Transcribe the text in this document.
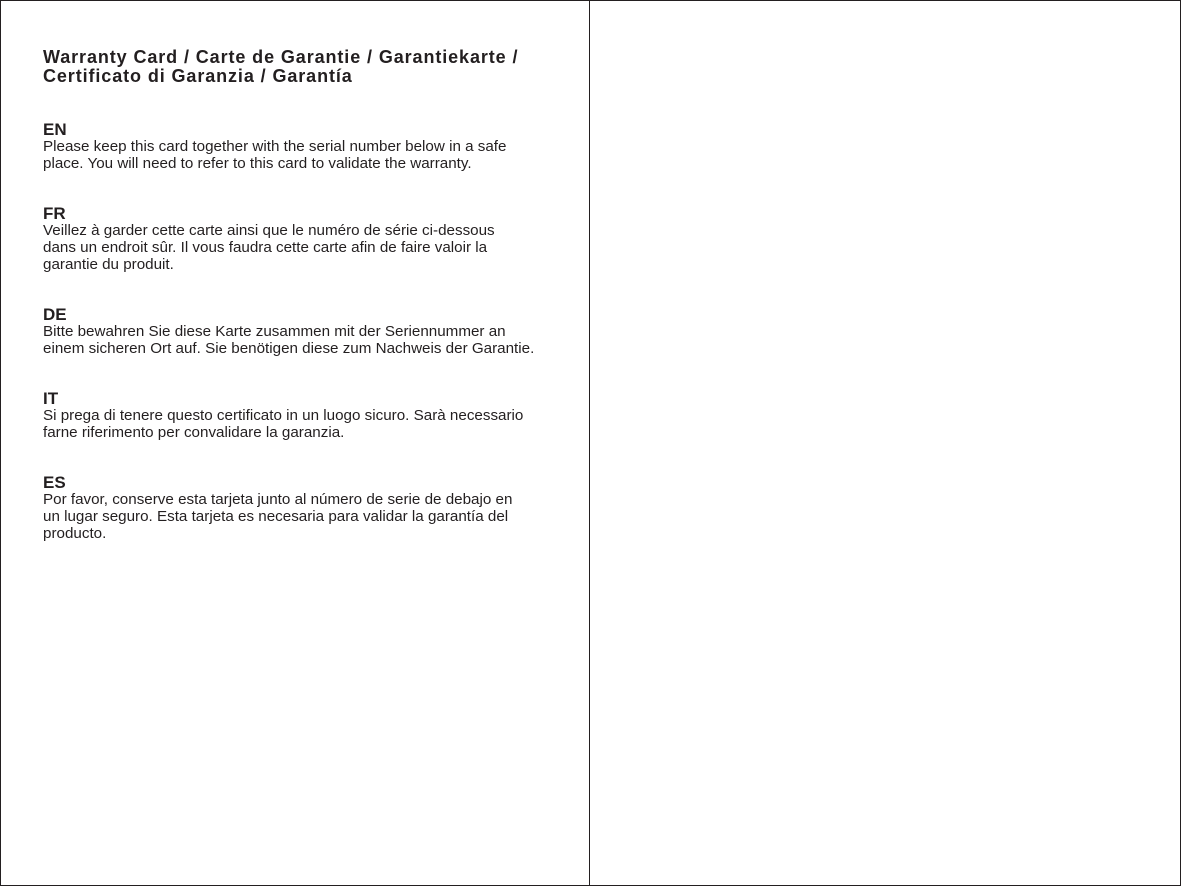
Warranty Card / Carte de Garantie / Garantiekarte /
Certificato di Garanzia / Garantía
EN
Please keep this card together with the serial number below in a safe
place. You will need to refer to this card to validate the warranty.
FR
Veillez à garder cette carte ainsi que le numéro de série ci-dessous
dans un endroit sûr. Il vous faudra cette carte afin de faire valoir la
garantie du produit.
DE
Bitte bewahren Sie diese Karte zusammen mit der Seriennummer an
einem sicheren Ort auf. Sie benötigen diese zum Nachweis der Garantie.
IT
Si prega di tenere questo certificato in un luogo sicuro. Sarà necessario
farne riferimento per convalidare la garanzia.
ES
Por favor, conserve esta tarjeta junto al número de serie de debajo en
un lugar seguro. Esta tarjeta es necesaria para validar la garantía del
producto.
